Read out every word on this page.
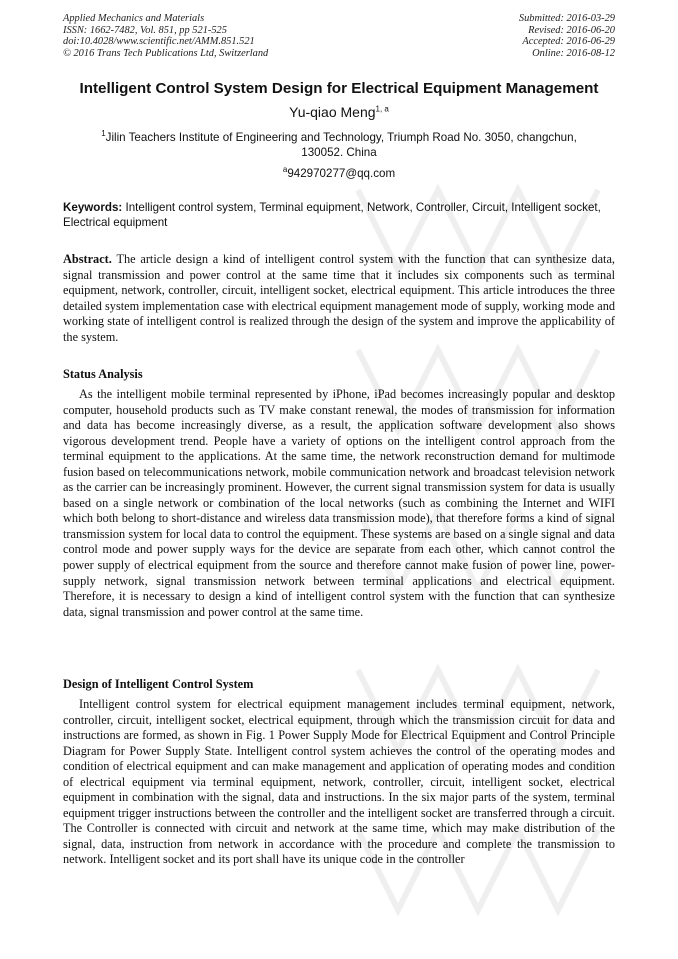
Applied Mechanics and Materials
ISSN: 1662-7482, Vol. 851, pp 521-525
doi:10.4028/www.scientific.net/AMM.851.521
© 2016 Trans Tech Publications Ltd, Switzerland
Submitted: 2016-03-29
Revised: 2016-06-20
Accepted: 2016-06-29
Online: 2016-08-12
Intelligent Control System Design for Electrical Equipment Management
Yu-qiao Meng$^{1, a}$
$^1$Jilin Teachers Institute of Engineering and Technology, Triumph Road No. 3050, changchun, 130052. China
$^a$942970277@qq.com
Keywords: Intelligent control system, Terminal equipment, Network, Controller, Circuit, Intelligent socket, Electrical equipment
Abstract. The article design a kind of intelligent control system with the function that can synthesize data, signal transmission and power control at the same time that it includes six components such as terminal equipment, network, controller, circuit, intelligent socket, electrical equipment. This article introduces the three detailed system implementation case with electrical equipment management mode of supply, working mode and working state of intelligent control is realized through the design of the system and improve the applicability of the system.
Status Analysis
As the intelligent mobile terminal represented by iPhone, iPad becomes increasingly popular and desktop computer, household products such as TV make constant renewal, the modes of transmission for information and data has become increasingly diverse, as a result, the application software development also shows vigorous development trend. People have a variety of options on the intelligent control approach from the terminal equipment to the applications. At the same time, the network reconstruction demand for multimode fusion based on telecommunications network, mobile communication network and broadcast television network as the carrier can be increasingly prominent. However, the current signal transmission system for data is usually based on a single network or combination of the local networks (such as combining the Internet and WIFI which both belong to short-distance and wireless data transmission mode), that therefore forms a kind of signal transmission system for local data to control the equipment. These systems are based on a single signal and data control mode and power supply ways for the device are separate from each other, which cannot control the power supply of electrical equipment from the source and therefore cannot make fusion of power line, power-supply network, signal transmission network between terminal applications and electrical equipment. Therefore, it is necessary to design a kind of intelligent control system with the function that can synthesize data, signal transmission and power control at the same time.
Design of Intelligent Control System
Intelligent control system for electrical equipment management includes terminal equipment, network, controller, circuit, intelligent socket, electrical equipment, through which the transmission circuit for data and instructions are formed, as shown in Fig. 1 Power Supply Mode for Electrical Equipment and Control Principle Diagram for Power Supply State. Intelligent control system achieves the control of the operating modes and condition of electrical equipment and can make management and application of operating modes and condition of electrical equipment via terminal equipment, network, controller, circuit, intelligent socket, electrical equipment in combination with the signal, data and instructions. In the six major parts of the system, terminal equipment trigger instructions between the controller and the intelligent socket are transferred through a circuit. The Controller is connected with circuit and network at the same time, which may make distribution of the signal, data, instruction from network in accordance with the procedure and complete the transmission to network. Intelligent socket and its port shall have its unique code in the controller
